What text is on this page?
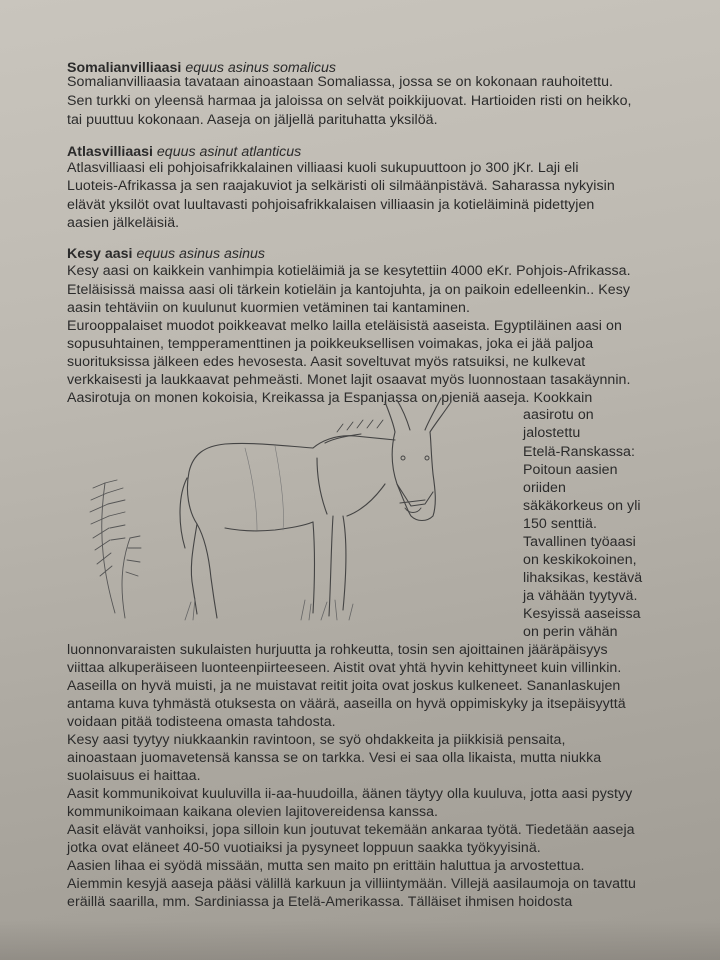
Somalianvilliaasi equus asinus somalicus
Somalianvilliaasia tavataan ainoastaan Somaliassa, jossa se on kokonaan rauhoitettu.
Sen turkki on yleensä harmaa ja jaloissa on selvät poikkijuovat. Hartioiden risti on heikko,
tai puuttuu kokonaan. Aaseja on jäljellä parituhatta yksilöä.
Atlasvilliaasi equus asinut atlanticus
Atlasvilliaasi eli pohjoisafrikkalainen villiaasi kuoli sukupuuttoon jo 300 jKr. Laji eli
Luoteis-Afrikassa ja sen raajakuviot ja selkäristi oli silmäänpistävä. Saharassa nykyisin
elävät yksilöt ovat luultavasti pohjoisafrikkalaisen villiaasin ja kotieläiminä pidettyjen
aasien jälkeläisiä.
Kesy aasi equus asinus asinus
Kesy aasi on kaikkein vanhimpia kotieläimiä ja se kesytettiin 4000 eKr. Pohjois-Afrikassa.
Eteläisissä maissa aasi oli tärkein kotieläin ja kantojuhta, ja on paikoin edelleenkin.. Kesy
aasin tehtäviin on kuulunut kuormien vetäminen tai kantaminen.
Eurooppalaiset muodot poikkeavat melko lailla eteläisistä aaseista. Egyptiläinen aasi on
sopusuhtainen, tempperamenttinen ja poikkeuksellisen voimakas, joka ei jää paljoa
suorituksissa jälkeen edes hevosesta. Aasit soveltuvat myös ratsuiksi, ne kulkevat
verkkaisesti ja laukkaavat pehmeästi. Monet lajit osaavat myös luonnostaan tasakäynnin.
Aasirotuja on monen kokoisia, Kreikassa ja Espanjassa on pieniä aaseja. Kookkain
aasirotu on
jalostettu
Etelä-Ranskassa:
Poitoun aasien
oriiden
säkäkorkeus on yli
150 senttiä.
Tavallinen työaasi
on keskikokoinen,
lihaksikas, kestävä
ja vähään tyytyvä.
Kesyissä aaseissa
on perin vähän
luonnonvaraisten sukulaisten hurjuutta ja rohkeutta, tosin sen ajoittainen jääräpäisyys
viittaa alkuperäiseen luonteenpiirteeseen. Aistit ovat yhtä hyvin kehittyneet kuin villinkin.
Aaseilla on hyvä muisti, ja ne muistavat reitit joita ovat joskus kulkeneet. Sananlaskujen
antama kuva tyhmästä otuksesta on väärä, aaseilla on hyvä oppimiskyky ja itsepäisyyttä
voidaan pitää todisteena omasta tahdosta.
Kesy aasi tyytyy niukkaankin ravintoon, se syö ohdakkeita ja piikkisiä pensaita,
ainoastaan juomavetensä kanssa se on tarkka. Vesi ei saa olla likaista, mutta niukka
suolaisuus ei haittaa.
Aasit kommunikoivat kuuluvilla ii-aa-huudoilla, äänen täytyy olla kuuluva, jotta aasi pystyy
kommunikoimaan kaikana olevien lajitovereidensa kanssa.
Aasit elävät vanhoiksi, jopa silloin kun joutuvat tekemään ankaraa työtä. Tiedetään aaseja
jotka ovat eläneet 40-50 vuotiaiksi ja pysyneet loppuun saakka työkyyisinä.
Aasien lihaa ei syödä missään, mutta sen maito pn erittäin haluttua ja arvostettua.
Aiemmin kesyjä aaseja pääsi välillä karkuun ja villiintymään. Villejä aasilaumoja on tavattu
eräillä saarilla, mm. Sardiniassa ja Etelä-Amerikassa. Tälläiset ihmisen hoidosta
